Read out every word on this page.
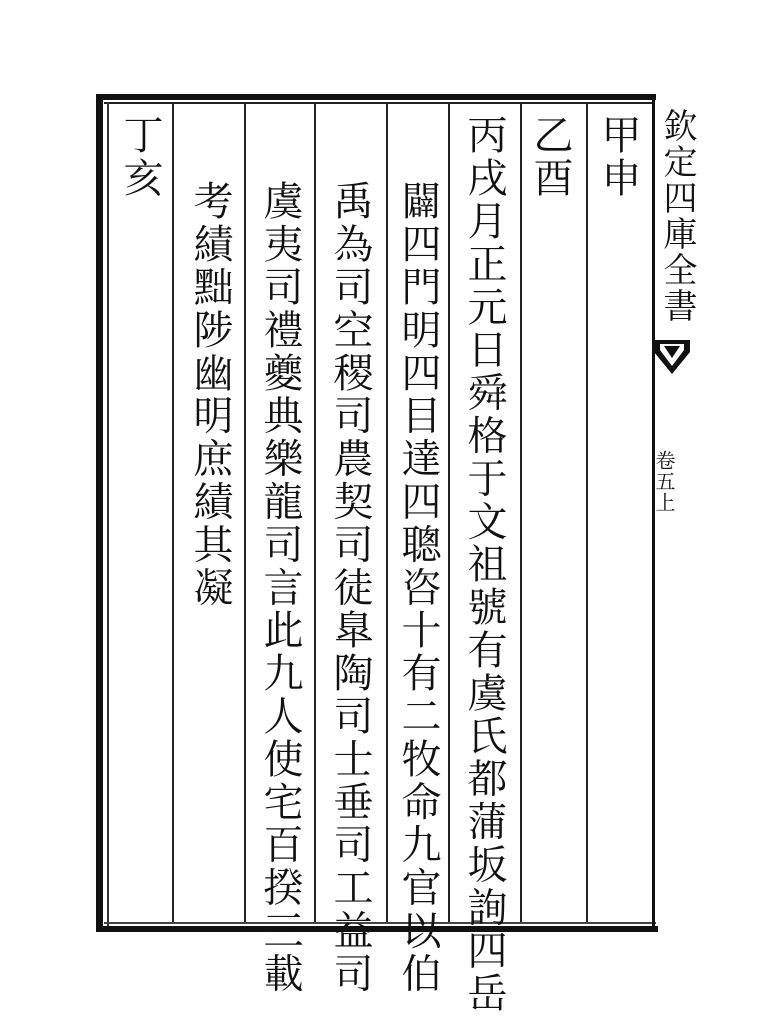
甲申
乙酉
丙戌月正元日舜格于文祖號有虞氏都蒲坂詢四岳
闢四門明四目達四聰咨十有二牧命九官以伯
禹為司空稷司農契司徒臯陶司士垂司工益司
虞夷司禮夔典樂龍司言此九人使宅百揆三載
考績黜陟幽明庶績其凝
丁亥	欽定四庫全書
卷五上
